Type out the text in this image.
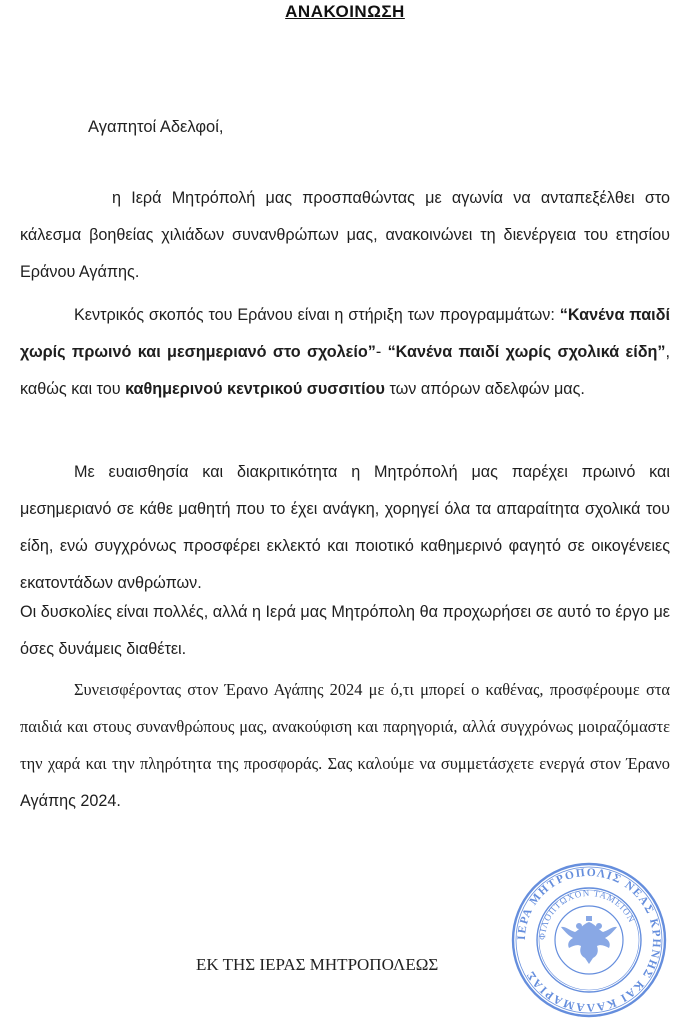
ΑΝΑΚΟΙΝΩΣΗ
Αγαπητοί Αδελφοί,
η Ιερά Μητρόπολή μας προσπαθώντας με αγωνία να ανταπεξέλθει στο κάλεσμα βοηθείας χιλιάδων συνανθρώπων μας, ανακοινώνει τη διενέργεια του ετησίου Εράνου Αγάπης.
Κεντρικός σκοπός του Εράνου είναι η στήριξη των προγραμμάτων: “Κανένα παιδί χωρίς πρωινό και μεσημεριανό στο σχολείο”- “Κανένα παιδί χωρίς σχολικά είδη”, καθώς και του καθημερινού κεντρικού συσσιτίου των απόρων αδελφών μας.
Με ευαισθησία και διακριτικότητα η Μητρόπολή μας παρέχει πρωινό και μεσημεριανό σε κάθε μαθητή που το έχει ανάγκη, χορηγεί όλα τα απαραίτητα σχολικά του είδη, ενώ συγχρόνως προσφέρει εκλεκτό και ποιοτικό καθημερινό φαγητό σε οικογένειες εκατοντάδων ανθρώπων.
Οι δυσκολίες είναι πολλές, αλλά η Ιερά μας Μητρόπολη θα προχωρήσει σε αυτό το έργο με όσες δυνάμεις διαθέτει.
Συνεισφέροντας στον Έρανο Αγάπης 2024 με ό,τι μπορεί ο καθένας, προσφέρουμε στα παιδιά και στους συνανθρώπους μας, ανακούφιση και παρηγοριά, αλλά συγχρόνως μοιραζόμαστε την χαρά και την πληρότητα της προσφοράς. Σας καλούμε να συμμετάσχετε ενεργά στον Έρανο Αγάπης 2024.
ΕΚ ΤΗΣ ΙΕΡΑΣ ΜΗΤΡΟΠΟΛΕΩΣ
ΙΕΡΑ ΜΗΤΡΟΠΟΛΙΣ ΝΕΑΣ ΚΡΗΝΗΣ ΚΑΙ ΚΑΛΑΜΑΡΙΑΣ
ΦΙΛΟΠΤΩΧΟΝ ΤΑΜΕΙΟΝ
